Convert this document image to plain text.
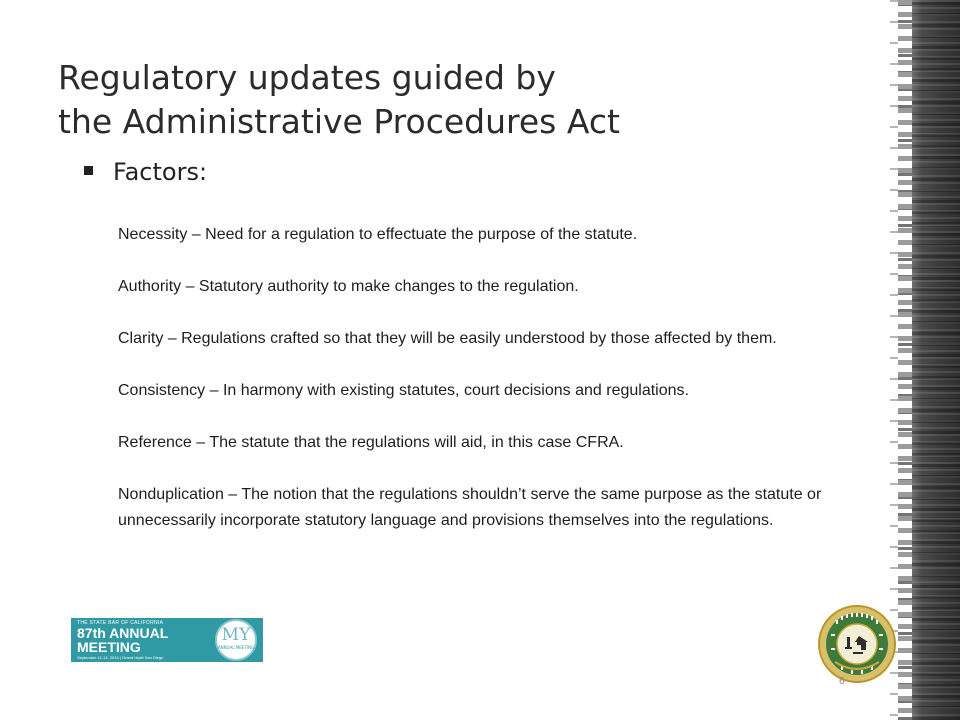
Regulatory updates guided by
the Administrative Procedures Act
Factors:

Necessity – Need for a regulation to effectuate the purpose of the statute.

Authority – Statutory authority to make changes to the regulation.

Clarity – Regulations crafted so that they will be easily understood by those affected by them.

Consistency – In harmony with existing statutes, court decisions and regulations.

Reference – The statute that the regulations will aid, in this case CFRA.

Nonduplication – The notion that the regulations shouldn’t serve the same purpose as the statute or unnecessarily incorporate statutory language and provisions themselves into the regulations.

THE STATE BAR OF CALIFORNIA
87th ANNUAL
MEETING
September 11-14, 2014 | Grand Hyatt San Diego
MY
ANNUAL MEETING
6
